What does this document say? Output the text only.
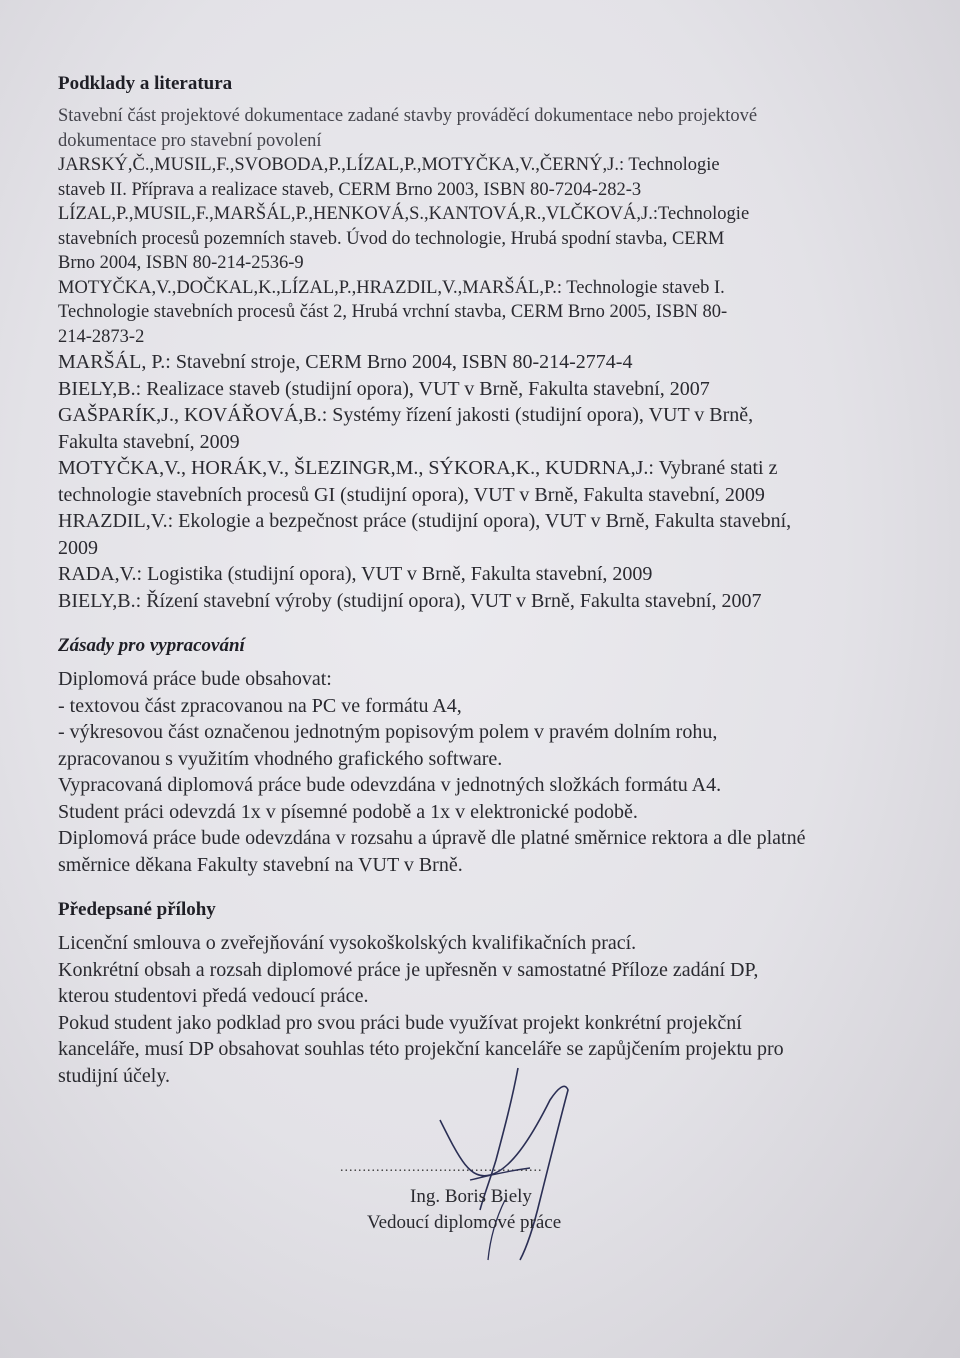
Podklady a literatura

Stavební část projektové dokumentace zadané stavby prováděcí dokumentace nebo projektové

dokumentace pro stavební povolení

JARSKÝ,Č.,MUSIL,F.,SVOBODA,P.,LÍZAL,P.,MOTYČKA,V.,ČERNÝ,J.: Technologie

staveb II. Příprava a realizace staveb, CERM Brno 2003, ISBN 80-7204-282-3

LÍZAL,P.,MUSIL,F.,MARŠÁL,P.,HENKOVÁ,S.,KANTOVÁ,R.,VLČKOVÁ,J.:Technologie

stavebních procesů pozemních staveb. Úvod do technologie, Hrubá spodní stavba, CERM

Brno 2004, ISBN 80-214-2536-9

MOTYČKA,V.,DOČKAL,K.,LÍZAL,P.,HRAZDIL,V.,MARŠÁL,P.: Technologie staveb I.

Technologie stavebních procesů část 2, Hrubá vrchní stavba, CERM Brno 2005, ISBN 80-

214-2873-2

MARŠÁL, P.: Stavební stroje, CERM Brno 2004, ISBN 80-214-2774-4

BIELY,B.: Realizace staveb (studijní opora), VUT v Brně, Fakulta stavební, 2007

GAŠPARÍK,J., KOVÁŘOVÁ,B.: Systémy řízení jakosti (studijní opora), VUT v Brně,

Fakulta stavební, 2009

MOTYČKA,V., HORÁK,V., ŠLEZINGR,M., SÝKORA,K., KUDRNA,J.: Vybrané stati z

technologie stavebních procesů GI (studijní opora), VUT v Brně, Fakulta stavební, 2009

HRAZDIL,V.: Ekologie a bezpečnost práce (studijní opora), VUT v Brně, Fakulta stavební,

2009

RADA,V.: Logistika (studijní opora), VUT v Brně, Fakulta stavební, 2009

BIELY,B.: Řízení stavební výroby (studijní opora), VUT v Brně, Fakulta stavební, 2007

Zásady pro vypracování

Diplomová práce bude obsahovat:

- textovou část zpracovanou na PC ve formátu A4,

- výkresovou část označenou jednotným popisovým polem v pravém dolním rohu,

zpracovanou s využitím vhodného grafického software.

Vypracovaná diplomová práce bude odevzdána v jednotných složkách formátu A4.

Student práci odevzdá 1x v písemné podobě a 1x v elektronické podobě.

Diplomová práce bude odevzdána v rozsahu a úpravě dle platné směrnice rektora a dle platné

směrnice děkana Fakulty stavební na VUT v Brně.

Předepsané přílohy

Licenční smlouva o zveřejňování vysokoškolských kvalifikačních prací.

Konkrétní obsah a rozsah diplomové práce je upřesněn v samostatné Příloze zadání DP,

kterou studentovi předá vedoucí práce.

Pokud student jako podklad pro svou práci bude využívat projekt konkrétní projekční

kanceláře, musí DP obsahovat souhlas této projekční kanceláře se zapůjčením projektu pro

studijní účely.

.............................................
Ing. Boris Biely
Vedoucí diplomové práce
